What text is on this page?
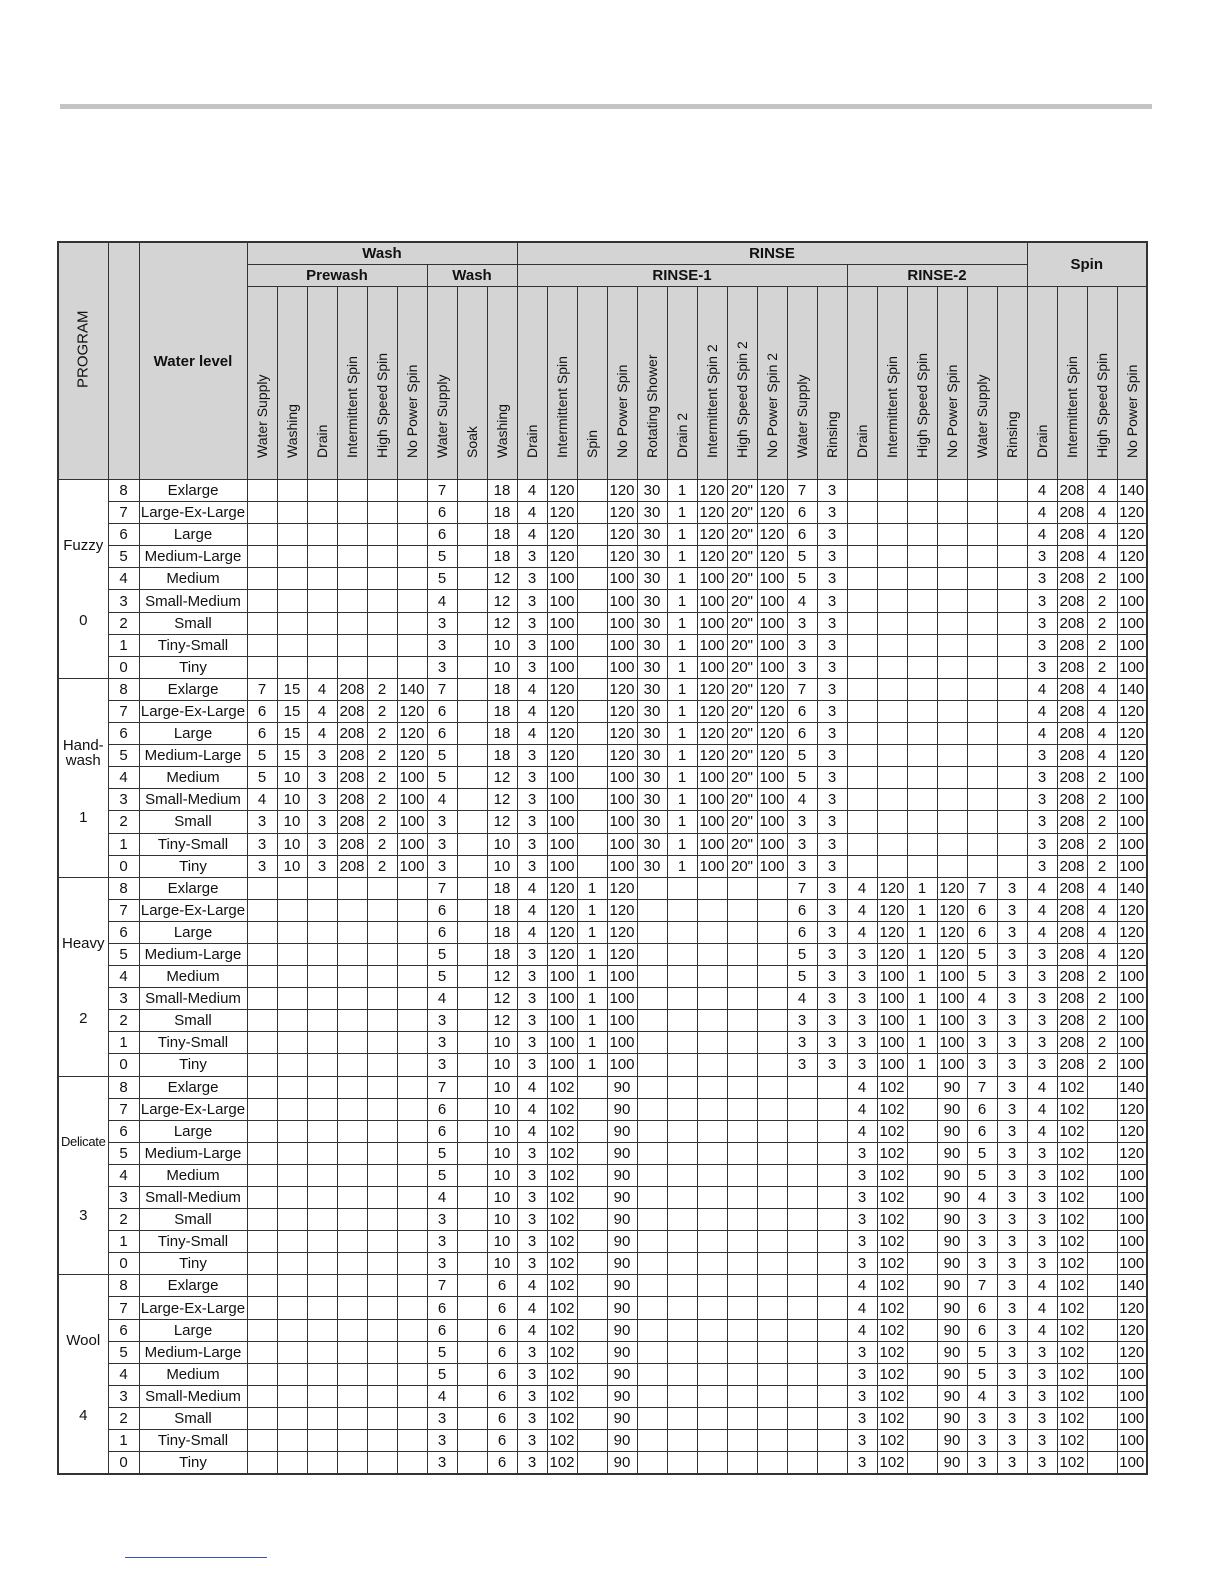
PROGRAM		Water level	Wash									RINSE																	Spin			
			Prewash						Wash			RINSE-1											RINSE-2									

			Water Supply	Washing	Drain	Intermittent Spin	High Speed Spin	No Power Spin	Water Supply	Soak	Washing	Drain	Intermittent Spin	Spin	No Power Spin	Rotating Shower	Drain 2	Intermittent Spin 2	High Speed Spin 2	No Power Spin 2	Water Supply	Rinsing	Drain	Intermittent Spin	High Speed Spin	No Power Spin	Water Supply	Rinsing	Drain	Intermittent Spin	High Speed Spin	No Power Spin

Fuzzy
0	8	Exlarge							7		18	4	120		120	30	1	120	20"	120	7	3							4	208	4	140
	7	Large-Ex-Large							6		18	4	120		120	30	1	120	20"	120	6	3							4	208	4	120
	6	Large							6		18	4	120		120	30	1	120	20"	120	6	3							4	208	4	120
	5	Medium-Large							5		18	3	120		120	30	1	120	20"	120	5	3							3	208	4	120
	4	Medium							5		12	3	100		100	30	1	100	20"	100	5	3							3	208	2	100
	3	Small-Medium							4		12	3	100		100	30	1	100	20"	100	4	3							3	208	2	100
	2	Small							3		12	3	100		100	30	1	100	20"	100	3	3							3	208	2	100
	1	Tiny-Small							3		10	3	100		100	30	1	100	20"	100	3	3							3	208	2	100
	0	Tiny							3		10	3	100		100	30	1	100	20"	100	3	3							3	208	2	100

Hand-
wash
1	8	Exlarge	7	15	4	208	2	140	7		18	4	120		120	30	1	120	20"	120	7	3							4	208	4	140
	7	Large-Ex-Large	6	15	4	208	2	120	6		18	4	120		120	30	1	120	20"	120	6	3							4	208	4	120
	6	Large	6	15	4	208	2	120	6		18	4	120		120	30	1	120	20"	120	6	3							4	208	4	120
	5	Medium-Large	5	15	3	208	2	120	5		18	3	120		120	30	1	120	20"	120	5	3							3	208	4	120
	4	Medium	5	10	3	208	2	100	5		12	3	100		100	30	1	100	20"	100	5	3							3	208	2	100
	3	Small-Medium	4	10	3	208	2	100	4		12	3	100		100	30	1	100	20"	100	4	3							3	208	2	100
	2	Small	3	10	3	208	2	100	3		12	3	100		100	30	1	100	20"	100	3	3							3	208	2	100
	1	Tiny-Small	3	10	3	208	2	100	3		10	3	100		100	30	1	100	20"	100	3	3							3	208	2	100
	0	Tiny	3	10	3	208	2	100	3		10	3	100		100	30	1	100	20"	100	3	3							3	208	2	100

Heavy
2	8	Exlarge							7		18	4	120	1	120						7	3	4	120	1	120	7	3	4	208	4	140
	7	Large-Ex-Large							6		18	4	120	1	120						6	3	4	120	1	120	6	3	4	208	4	120
	6	Large							6		18	4	120	1	120						6	3	4	120	1	120	6	3	4	208	4	120
	5	Medium-Large							5		18	3	120	1	120						5	3	3	120	1	120	5	3	3	208	4	120
	4	Medium							5		12	3	100	1	100						5	3	3	100	1	100	5	3	3	208	2	100
	3	Small-Medium							4		12	3	100	1	100						4	3	3	100	1	100	4	3	3	208	2	100
	2	Small							3		12	3	100	1	100						3	3	3	100	1	100	3	3	3	208	2	100
	1	Tiny-Small							3		10	3	100	1	100						3	3	3	100	1	100	3	3	3	208	2	100
	0	Tiny							3		10	3	100	1	100						3	3	3	100	1	100	3	3	3	208	2	100

Delicate
3	8	Exlarge							7		10	4	102		90								4	102		90	7	3	4	102		140
	7	Large-Ex-Large							6		10	4	102		90								4	102		90	6	3	4	102		120
	6	Large							6		10	4	102		90								4	102		90	6	3	4	102		120
	5	Medium-Large							5		10	3	102		90								3	102		90	5	3	3	102		120
	4	Medium							5		10	3	102		90								3	102		90	5	3	3	102		100
	3	Small-Medium							4		10	3	102		90								3	102		90	4	3	3	102		100
	2	Small							3		10	3	102		90								3	102		90	3	3	3	102		100
	1	Tiny-Small							3		10	3	102		90								3	102		90	3	3	3	102		100
	0	Tiny							3		10	3	102		90								3	102		90	3	3	3	102		100

Wool
4	8	Exlarge							7		6	4	102		90								4	102		90	7	3	4	102		140
	7	Large-Ex-Large							6		6	4	102		90								4	102		90	6	3	4	102		120
	6	Large							6		6	4	102		90								4	102		90	6	3	4	102		120
	5	Medium-Large							5		6	3	102		90								3	102		90	5	3	3	102		120
	4	Medium							5		6	3	102		90								3	102		90	5	3	3	102		100
	3	Small-Medium							4		6	3	102		90								3	102		90	4	3	3	102		100
	2	Small							3		6	3	102		90								3	102		90	3	3	3	102		100
	1	Tiny-Small							3		6	3	102		90								3	102		90	3	3	3	102		100
	0	Tiny							3		6	3	102		90								3	102		90	3	3	3	102		100
